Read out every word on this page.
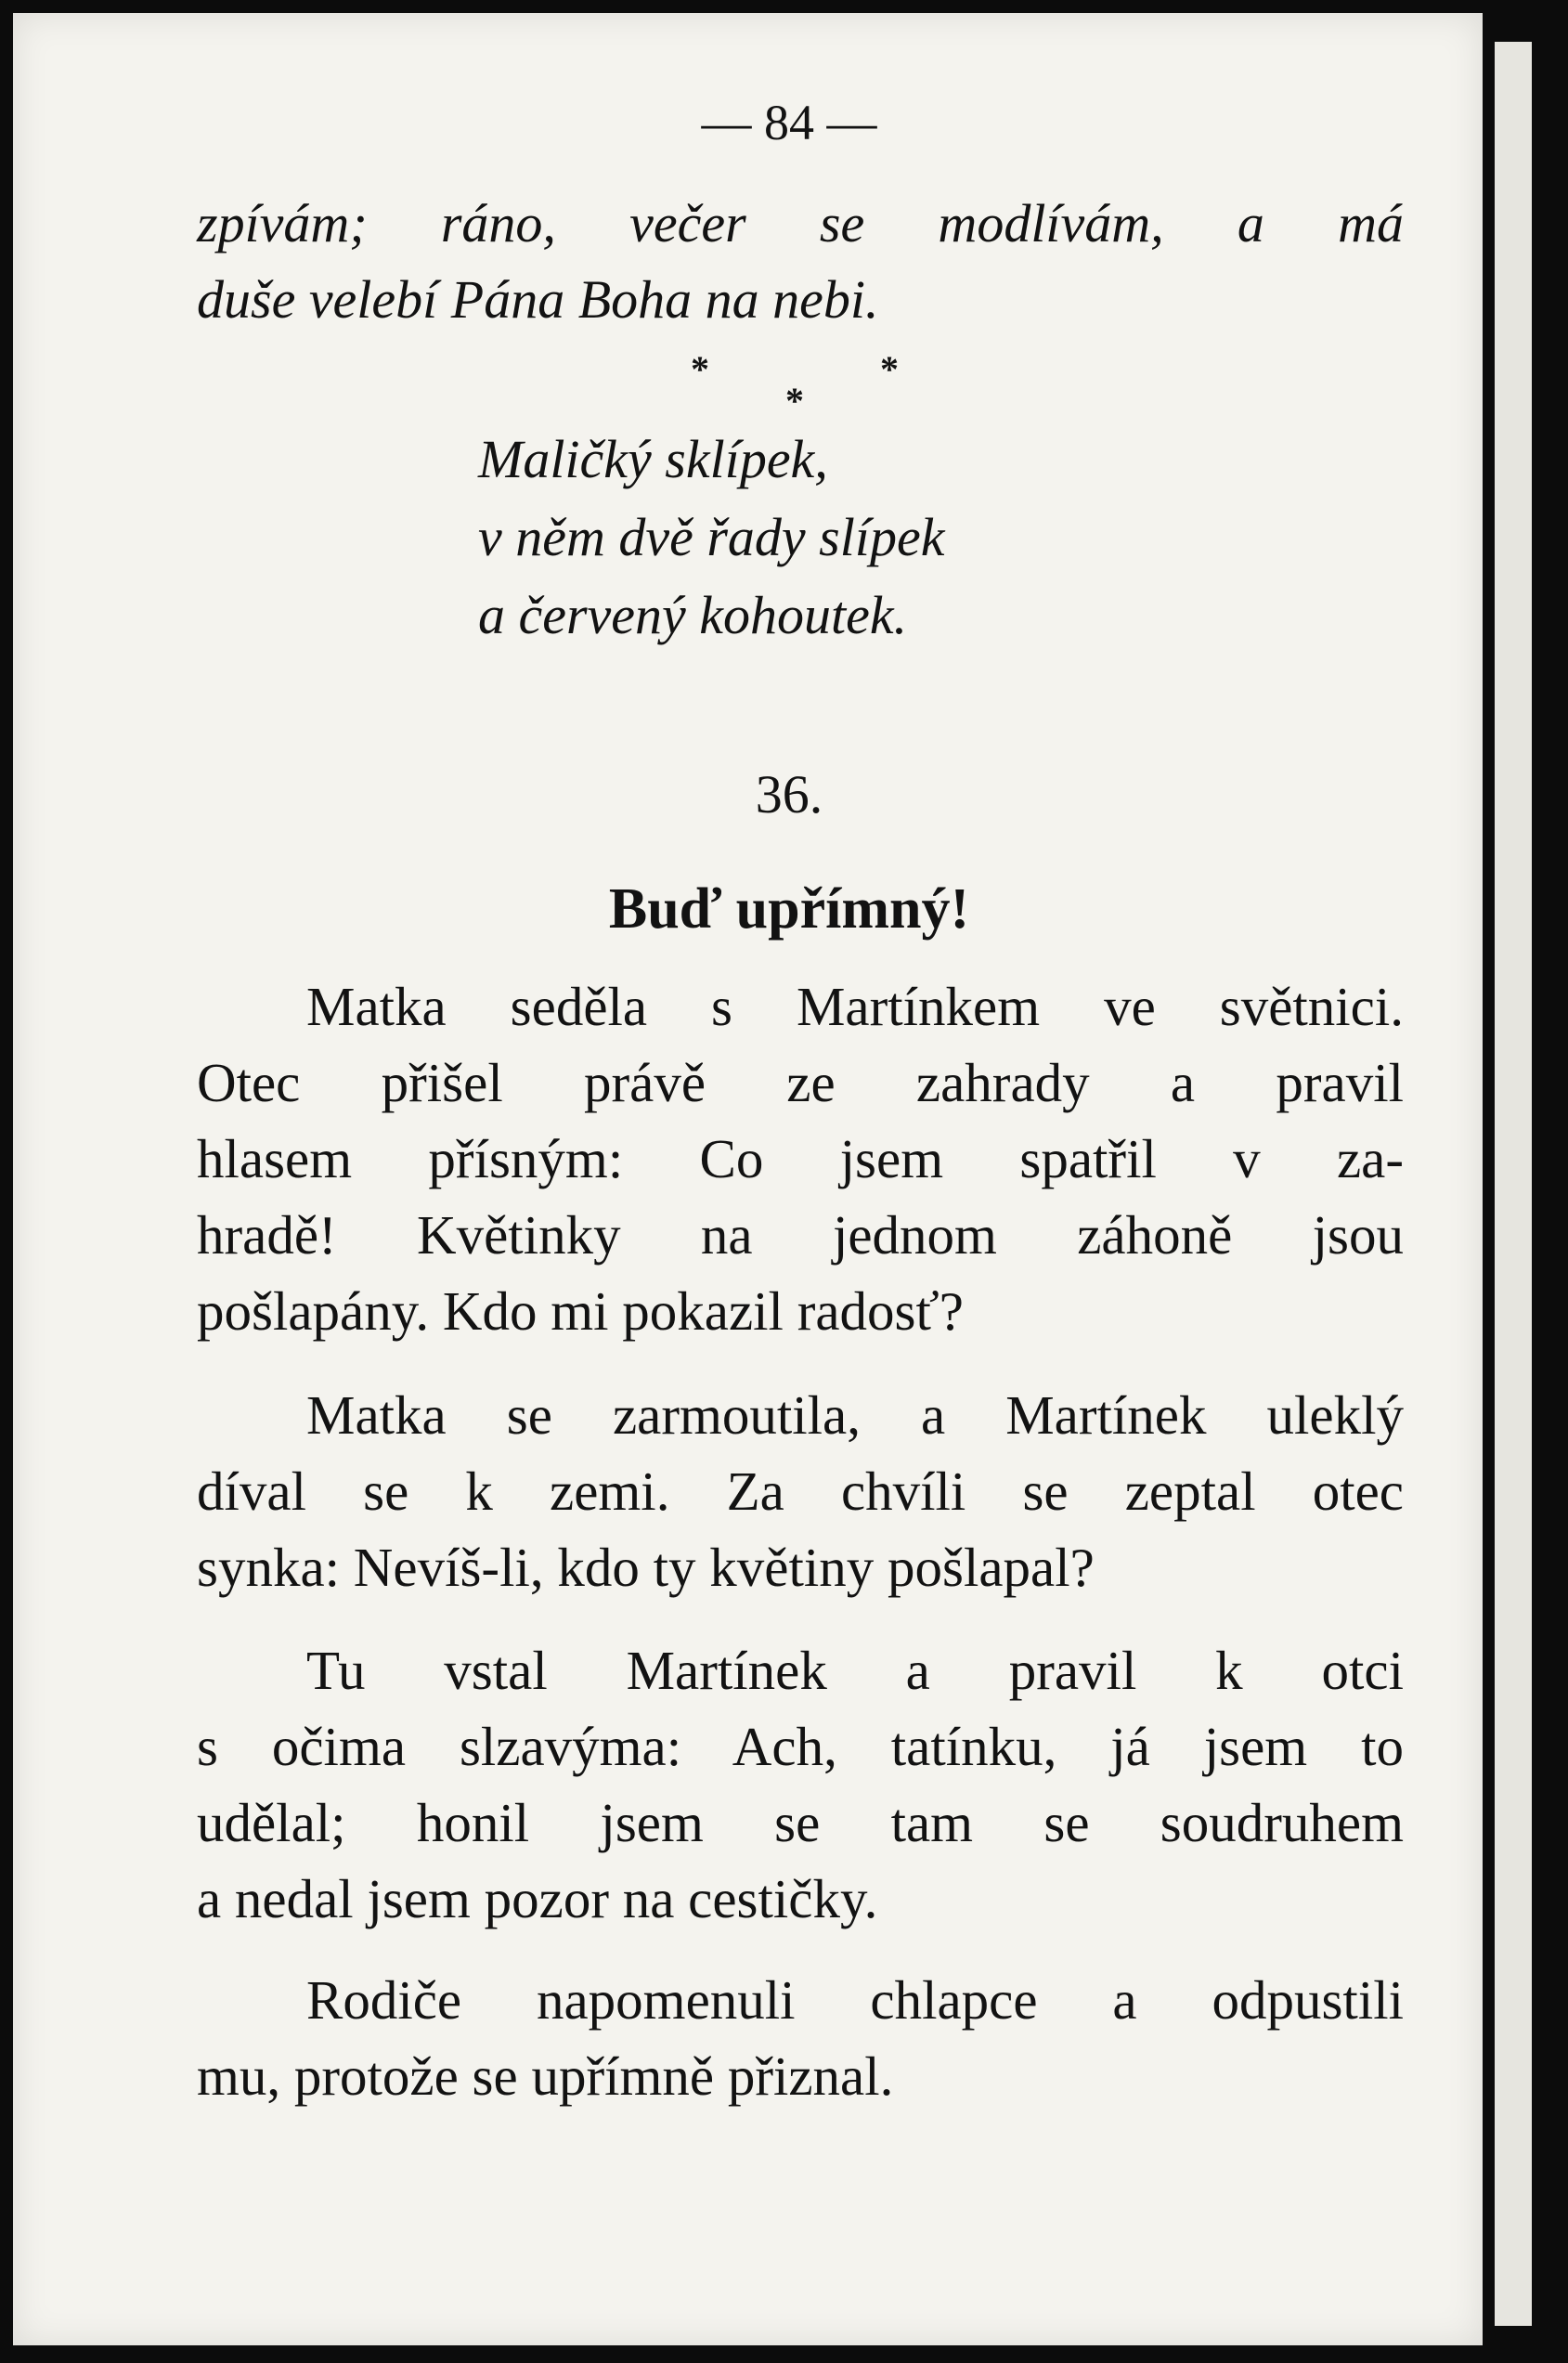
— 84 —

zpívám; ráno, večer se modlívám, a má

duše velebí Pána Boha na nebi.

*
*
*

Maličký sklípek,

v něm dvě řady slípek

a červený kohoutek.

36.
Buď upřímný!

Matka seděla s Martínkem ve světnici.

Otec přišel právě ze zahrady a pravil

hlasem přísným: Co jsem spatřil v za-

hradě! Květinky na jednom záhoně jsou

pošlapány. Kdo mi pokazil radosť?

Matka se zarmoutila, a Martínek uleklý

díval se k zemi. Za chvíli se zeptal otec

synka: Nevíš-li, kdo ty květiny pošlapal?

Tu vstal Martínek a pravil k otci

s očima slzavýma: Ach, tatínku, já jsem to

udělal; honil jsem se tam se soudruhem

a nedal jsem pozor na cestičky.

Rodiče napomenuli chlapce a odpustili

mu, protože se upřímně přiznal.
